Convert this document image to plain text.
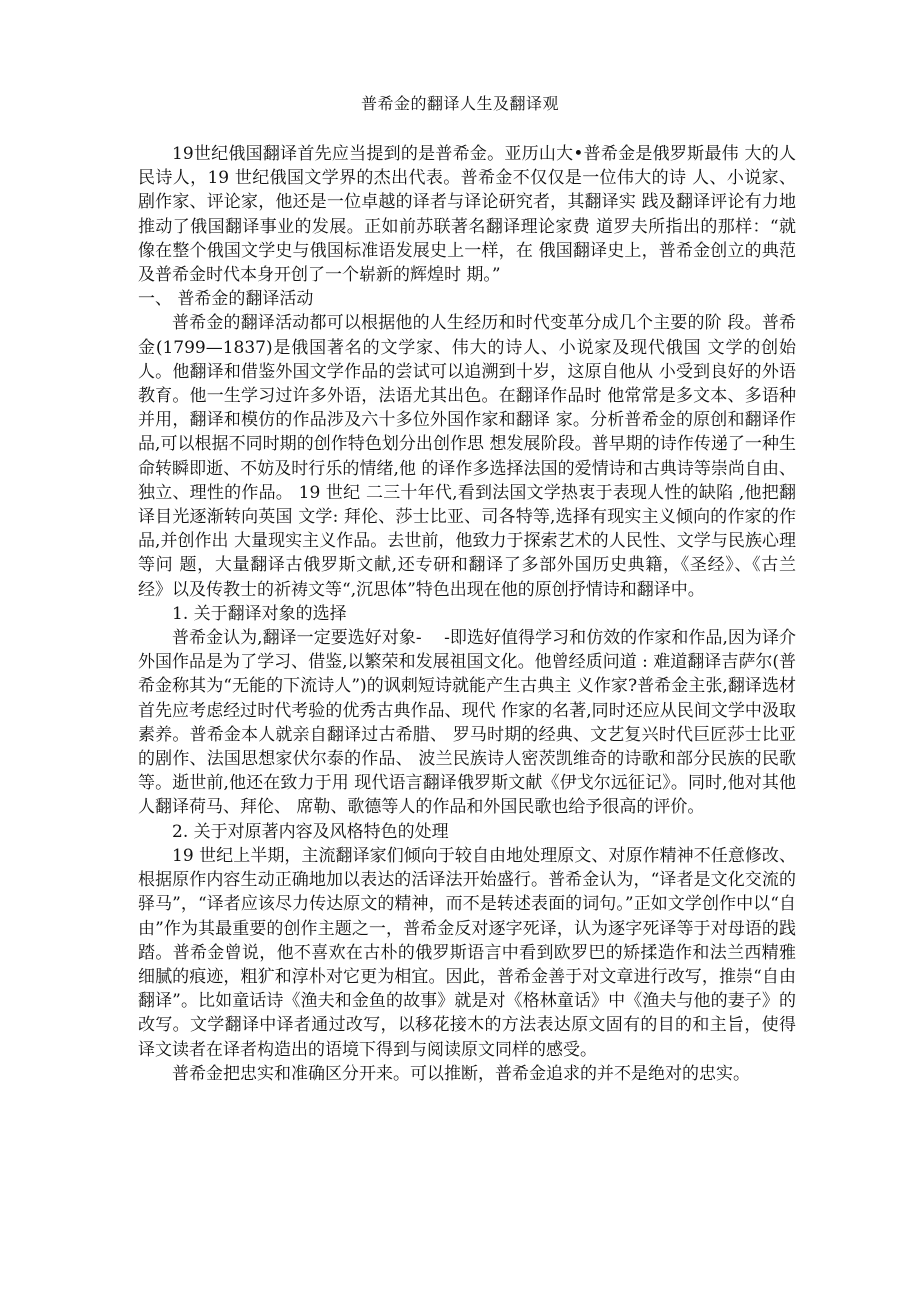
普希金的翻译人生及翻译观

19世纪俄国翻译首先应当提到的是普希金。亚历山大•普希金是俄罗斯最伟 大的人民诗人，19 世纪俄国文学界的杰出代表。普希金不仅仅是一位伟大的诗 人、小说家、剧作家、评论家，他还是一位卓越的译者与译论研究者，其翻译实 践及翻译评论有力地推动了俄国翻译事业的发展。正如前苏联著名翻译理论家费 道罗夫所指出的那样：“就像在整个俄国文学史与俄国标准语发展史上一样，在 俄国翻译史上，普希金创立的典范及普希金时代本身开创了一个崭新的辉煌时 期。”

一、 普希金的翻译活动

普希金的翻译活动都可以根据他的人生经历和时代变革分成几个主要的阶 段。普希金(1799—1837)是俄国著名的文学家、伟大的诗人、小说家及现代俄国 文学的创始人。他翻译和借鉴外国文学作品的尝试可以追溯到十岁，这原自他从 小受到良好的外语教育。他一生学习过许多外语，法语尤其出色。在翻译作品时 他常常是多文本、多语种并用，翻译和模仿的作品涉及六十多位外国作家和翻译 家。分析普希金的原创和翻译作品,可以根据不同时期的创作特色划分出创作思 想发展阶段。普早期的诗作传递了一种生命转瞬即逝、不妨及时行乐的情绪,他 的译作多选择法国的爱情诗和古典诗等崇尚自由、独立、理性的作品。 19 世纪 二三十年代,看到法国文学热衷于表现人性的缺陷 ,他把翻译目光逐渐转向英国 文学: 拜伦、莎士比亚、司各特等,选择有现实主义倾向的作家的作品,并创作出 大量现实主义作品。去世前，他致力于探索艺术的人民性、文学与民族心理等问 题，大量翻译古俄罗斯文献,还专研和翻译了多部外国历史典籍，《圣经》、《古兰 经》以及传教士的祈祷文等“,沉思体”特色出现在他的原创抒情诗和翻译中。

1. 关于翻译对象的选择

普希金认为,翻译一定要选好对象-　 -即选好值得学习和仿效的作家和作品,因为译介外国作品是为了学习、借鉴,以繁荣和发展祖国文化。他曾经质问道 : 难道翻译吉萨尔(普希金称其为“无能的下流诗人”)的讽刺短诗就能产生古典主 义作家?普希金主张,翻译选材首先应考虑经过时代考验的优秀古典作品、现代 作家的名著,同时还应从民间文学中汲取素养。普希金本人就亲自翻译过古希腊、 罗马时期的经典、文艺复兴时代巨匠莎士比亚的剧作、法国思想家伏尔泰的作品、 波兰民族诗人密茨凯维奇的诗歌和部分民族的民歌等。逝世前,他还在致力于用 现代语言翻译俄罗斯文献《伊戈尔远征记》。同时,他对其他人翻译荷马、拜伦、 席勒、歌德等人的作品和外国民歌也给予很高的评价。

2. 关于对原著内容及风格特色的处理

19 世纪上半期，主流翻译家们倾向于较自由地处理原文、对原作精神不任意修改、根据原作内容生动正确地加以表达的活译法开始盛行。普希金认为，“译者是文化交流的驿马”，“译者应该尽力传达原文的精神，而不是转述表面的词句。”正如文学创作中以“自由”作为其最重要的创作主题之一，普希金反对逐字死译，认为逐字死译等于对母语的践踏。普希金曾说，他不喜欢在古朴的俄罗斯语言中看到欧罗巴的矫揉造作和法兰西精雅细腻的痕迹，粗犷和淳朴对它更为相宜。因此，普希金善于对文章进行改写，推崇“自由翻译”。比如童话诗《渔夫和金鱼的故事》就是对《格林童话》中《渔夫与他的妻子》的改写。文学翻译中译者通过改写，以移花接木的方法表达原文固有的目的和主旨，使得译文读者在译者构造出的语境下得到与阅读原文同样的感受。

普希金把忠实和准确区分开来。可以推断，普希金追求的并不是绝对的忠实。
